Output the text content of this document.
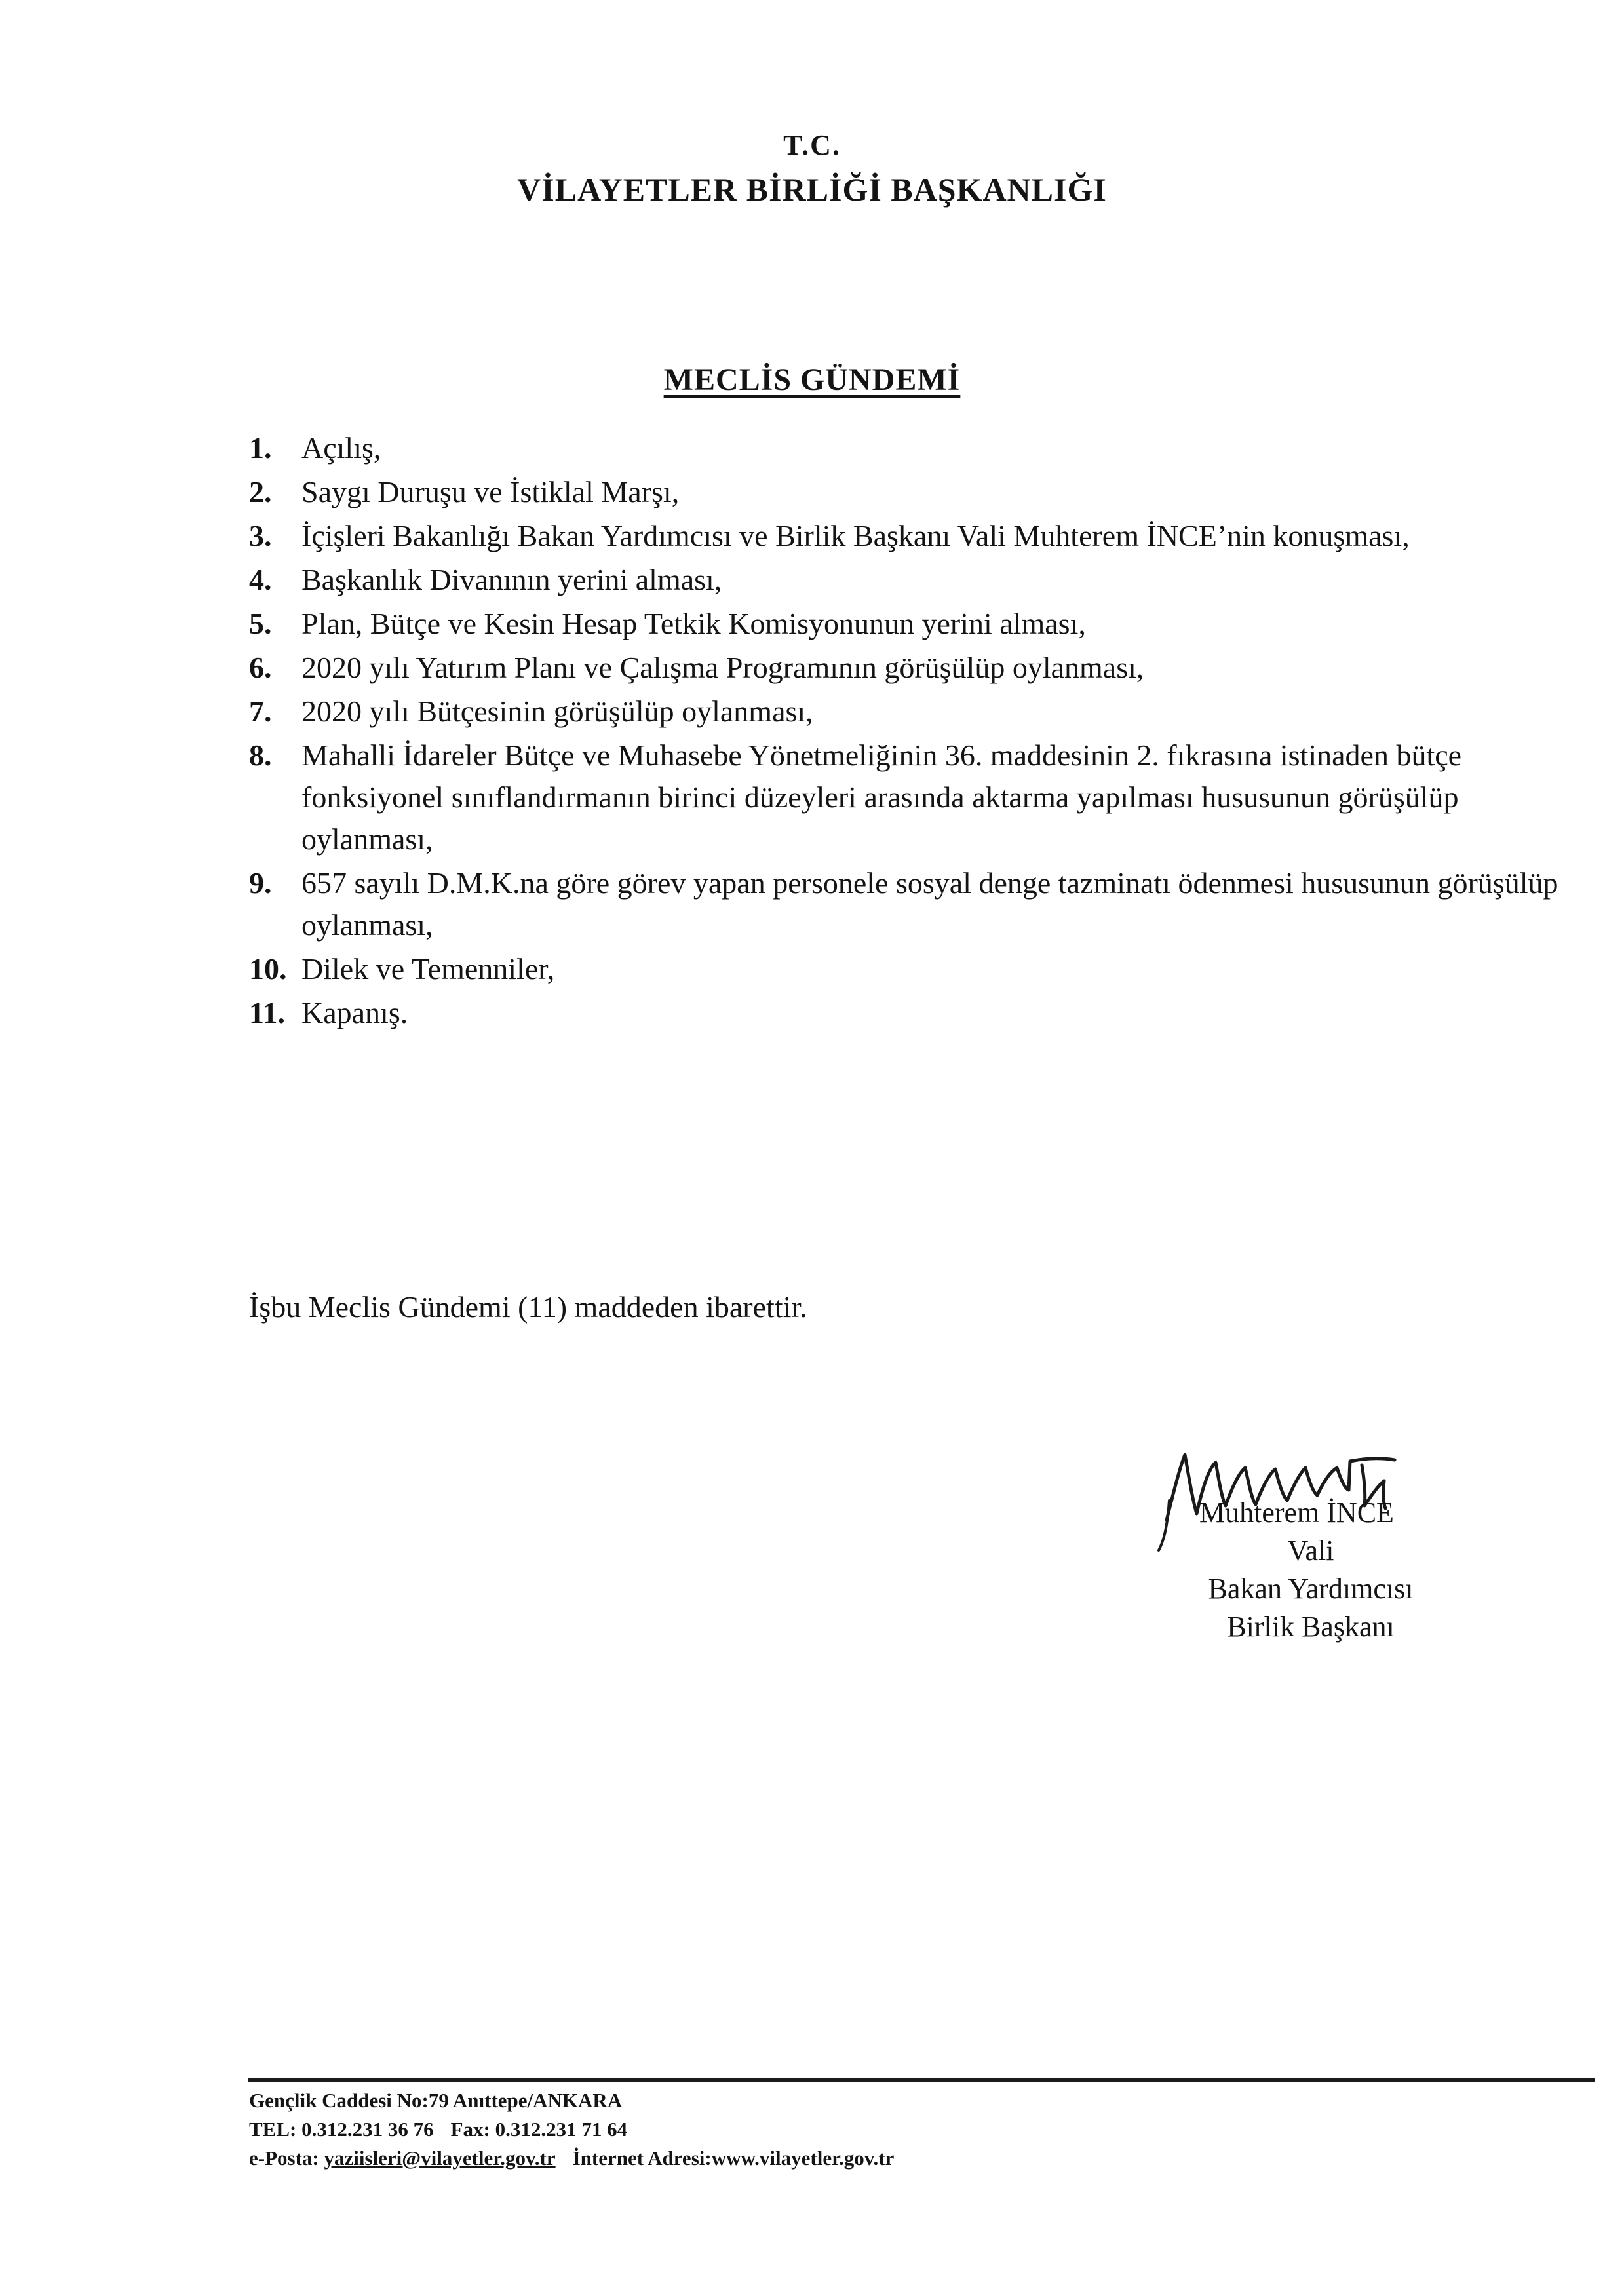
T.C.
VİLAYETLER BİRLİĞİ BAŞKANLIĞI
MECLİS GÜNDEMİ
1. Açılış,
2. Saygı Duruşu ve İstiklal Marşı,
3. İçişleri Bakanlığı Bakan Yardımcısı ve Birlik Başkanı Vali Muhterem İNCE’nin konuşması,
4. Başkanlık Divanının yerini alması,
5. Plan, Bütçe ve Kesin Hesap Tetkik Komisyonunun yerini alması,
6. 2020 yılı Yatırım Planı ve Çalışma Programının görüşülüp oylanması,
7. 2020 yılı Bütçesinin görüşülüp oylanması,
8. Mahalli İdareler Bütçe ve Muhasebe Yönetmeliğinin 36. maddesinin 2. fıkrasına istinaden bütçe fonksiyonel sınıflandırmanın birinci düzeyleri arasında aktarma yapılması hususunun görüşülüp oylanması,
9. 657 sayılı D.M.K.na göre görev yapan personele sosyal denge tazminatı ödenmesi hususunun görüşülüp oylanması,
10. Dilek ve Temenniler,
11. Kapanış.
İşbu Meclis Gündemi (11) maddeden ibarettir.
Muhterem İNCE
Vali
Bakan Yardımcısı
Birlik Başkanı
Gençlik Caddesi No:79 Anıttepe/ANKARA
TEL: 0.312.231 36 76 Fax: 0.312.231 71 64
e-Posta: yaziisleri@vilayetler.gov.tr İnternet Adresi:www.vilayetler.gov.tr
